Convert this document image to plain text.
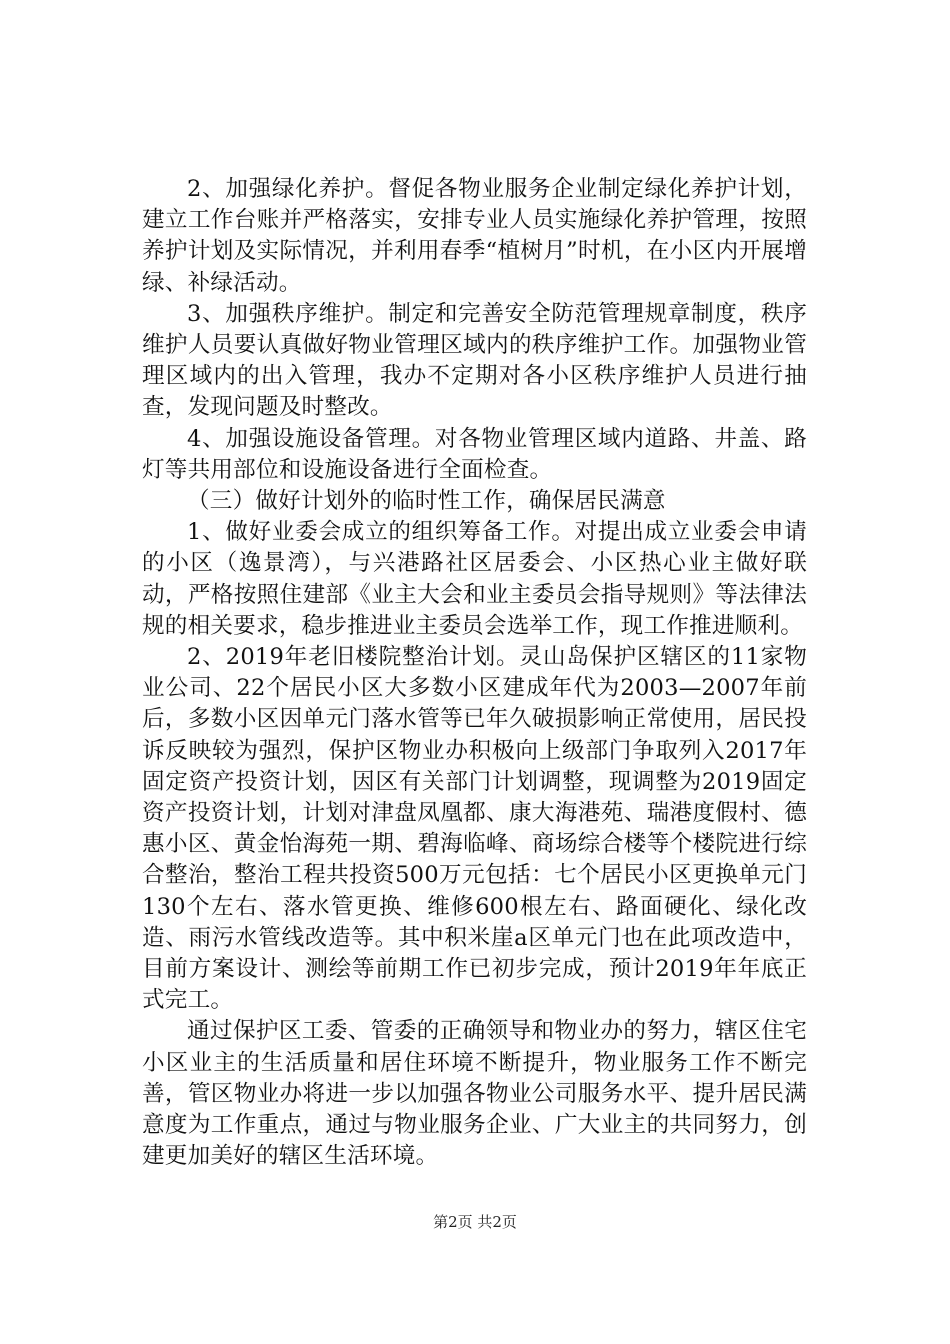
2、加强绿化养护。督促各物业服务企业制定绿化养护计划，建立工作台账并严格落实，安排专业人员实施绿化养护管理，按照养护计划及实际情况，并利用春季“植树月”时机，在小区内开展增绿、补绿活动。

3、加强秩序维护。制定和完善安全防范管理规章制度，秩序维护人员要认真做好物业管理区域内的秩序维护工作。加强物业管理区域内的出入管理，我办不定期对各小区秩序维护人员进行抽查，发现问题及时整改。

4、加强设施设备管理。对各物业管理区域内道路、井盖、路灯等共用部位和设施设备进行全面检查。

（三）做好计划外的临时性工作，确保居民满意

1、做好业委会成立的组织筹备工作。对提出成立业委会申请的小区（逸景湾），与兴港路社区居委会、小区热心业主做好联动，严格按照住建部《业主大会和业主委员会指导规则》等法律法规的相关要求，稳步推进业主委员会选举工作，现工作推进顺利。

2、2019年老旧楼院整治计划。灵山岛保护区辖区的11家物业公司、22个居民小区大多数小区建成年代为2003—2007年前后，多数小区因单元门落水管等已年久破损影响正常使用，居民投诉反映较为强烈，保护区物业办积极向上级部门争取列入2017年固定资产投资计划，因区有关部门计划调整，现调整为2019固定资产投资计划，计划对津盘凤凰都、康大海港苑、瑞港度假村、德惠小区、黄金怡海苑一期、碧海临峰、商场综合楼等个楼院进行综合整治，整治工程共投资500万元包括：七个居民小区更换单元门130个左右、落水管更换、维修600根左右、路面硬化、绿化改造、雨污水管线改造等。其中积米崖a区单元门也在此项改造中，目前方案设计、测绘等前期工作已初步完成，预计2019年年底正式完工。

通过保护区工委、管委的正确领导和物业办的努力，辖区住宅小区业主的生活质量和居住环境不断提升，物业服务工作不断完善，管区物业办将进一步以加强各物业公司服务水平、提升居民满意度为工作重点，通过与物业服务企业、广大业主的共同努力，创建更加美好的辖区生活环境。

第2页 共2页
